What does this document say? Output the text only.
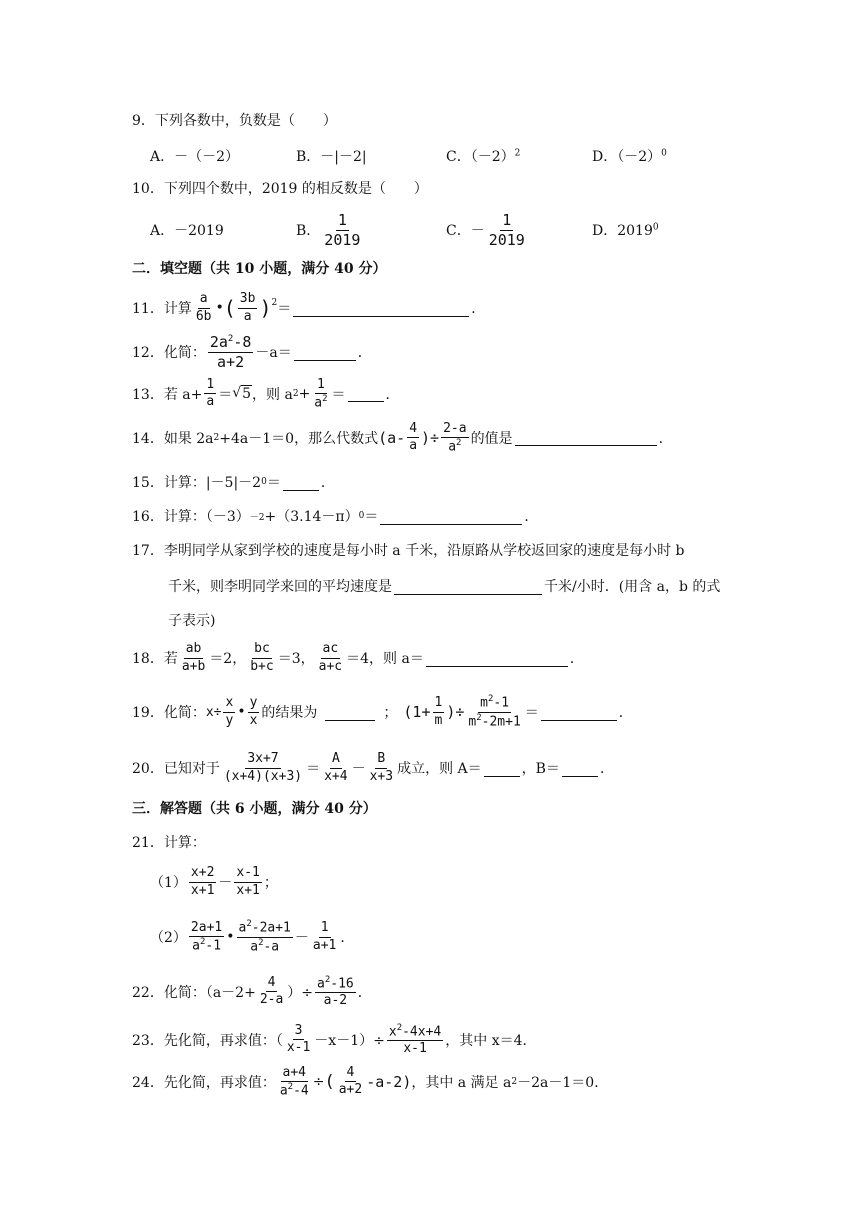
9．下列各数中，负数是（　　）
A．－（－2）	B．－|－2|	C．$(-2)^2$	D．$(-2)^0$
10．下列四个数中，2019 的相反数是（　　）
A．－2019	B． $\frac{1}{2019}$	C．－ $\frac{1}{2019}$	D．2019$^0$
二．填空题（共 10 小题，满分 40 分）
11． 计算 $\frac{a}{6b}$ • ( $\frac{3b}{a} )^2$ ＝	．
12． 化简： $\frac{2a^2-8}{a+2} -a=$	．
13． 若 $a+ \frac{1}{a}$ ＝ √ 5 ，则 a $2 + \frac{1}{a^2}$ ＝	．
14． 如果 2a 2 +4a－1＝0，那么代数式 ($a- \frac{4}{a}$ )÷ $\frac{2-a}{a^2}$ 的值是	．
15． 计算：|－5|－2 0 ＝	．
16． 计算：（－3） －2 +（3.14－π） 0 ＝	．
17．李明同学从家到学校的速度是每小时 a 千米，沿原路从学校返回家的速度是每小时 b
千米，则李明同学来回的平均速度是	千米/小时．(用含 a，b 的式
子表示)
18． 若 $\frac{ab}{a+b} =2$， $\frac{bc}{b+c} =3$， $\frac{ac}{a+c} =4$，则 a＝	．
19． 化简： $x\div \frac{x}{y}$ • $\frac{y}{x}$ 的结果为	； ($1+ \frac{1}{m}$ )÷ $\frac{m^2-1}{m^2-2m+1}$ ＝	．
20． 已知对于 $\frac{3x+7}{(x+4)(x+3)} = \frac{A}{x+4} - \frac{B}{x+3}$ 成立，则 A＝	，B＝	．
三．解答题（共 6 小题，满分 40 分）
21．计算：
$(1) \frac{x+2}{x+1} - \frac{x-1}{x+1}$ ；
$(2) \frac{2a+1}{a^2-1}$ • $\frac{a^2-2a+1}{a^2-a} - \frac{1}{a+1}$ ．
22． 化简：（$a-2+ \frac{4}{2-a}$ ）÷ $\frac{a^2-16}{a-2}$ ．
23． 先化简，再求值：（ $\frac{3}{x-1} -x-1)\div \frac{x^2-4x+4}{x-1}$ ，其中 x＝4．
24． 先化简，再求值： $\frac{a+4}{a^2-4}$ ÷ ( $\frac{4}{a+2} -a-2$) ，其中 a 满足 a 2 －2a－1＝0．
